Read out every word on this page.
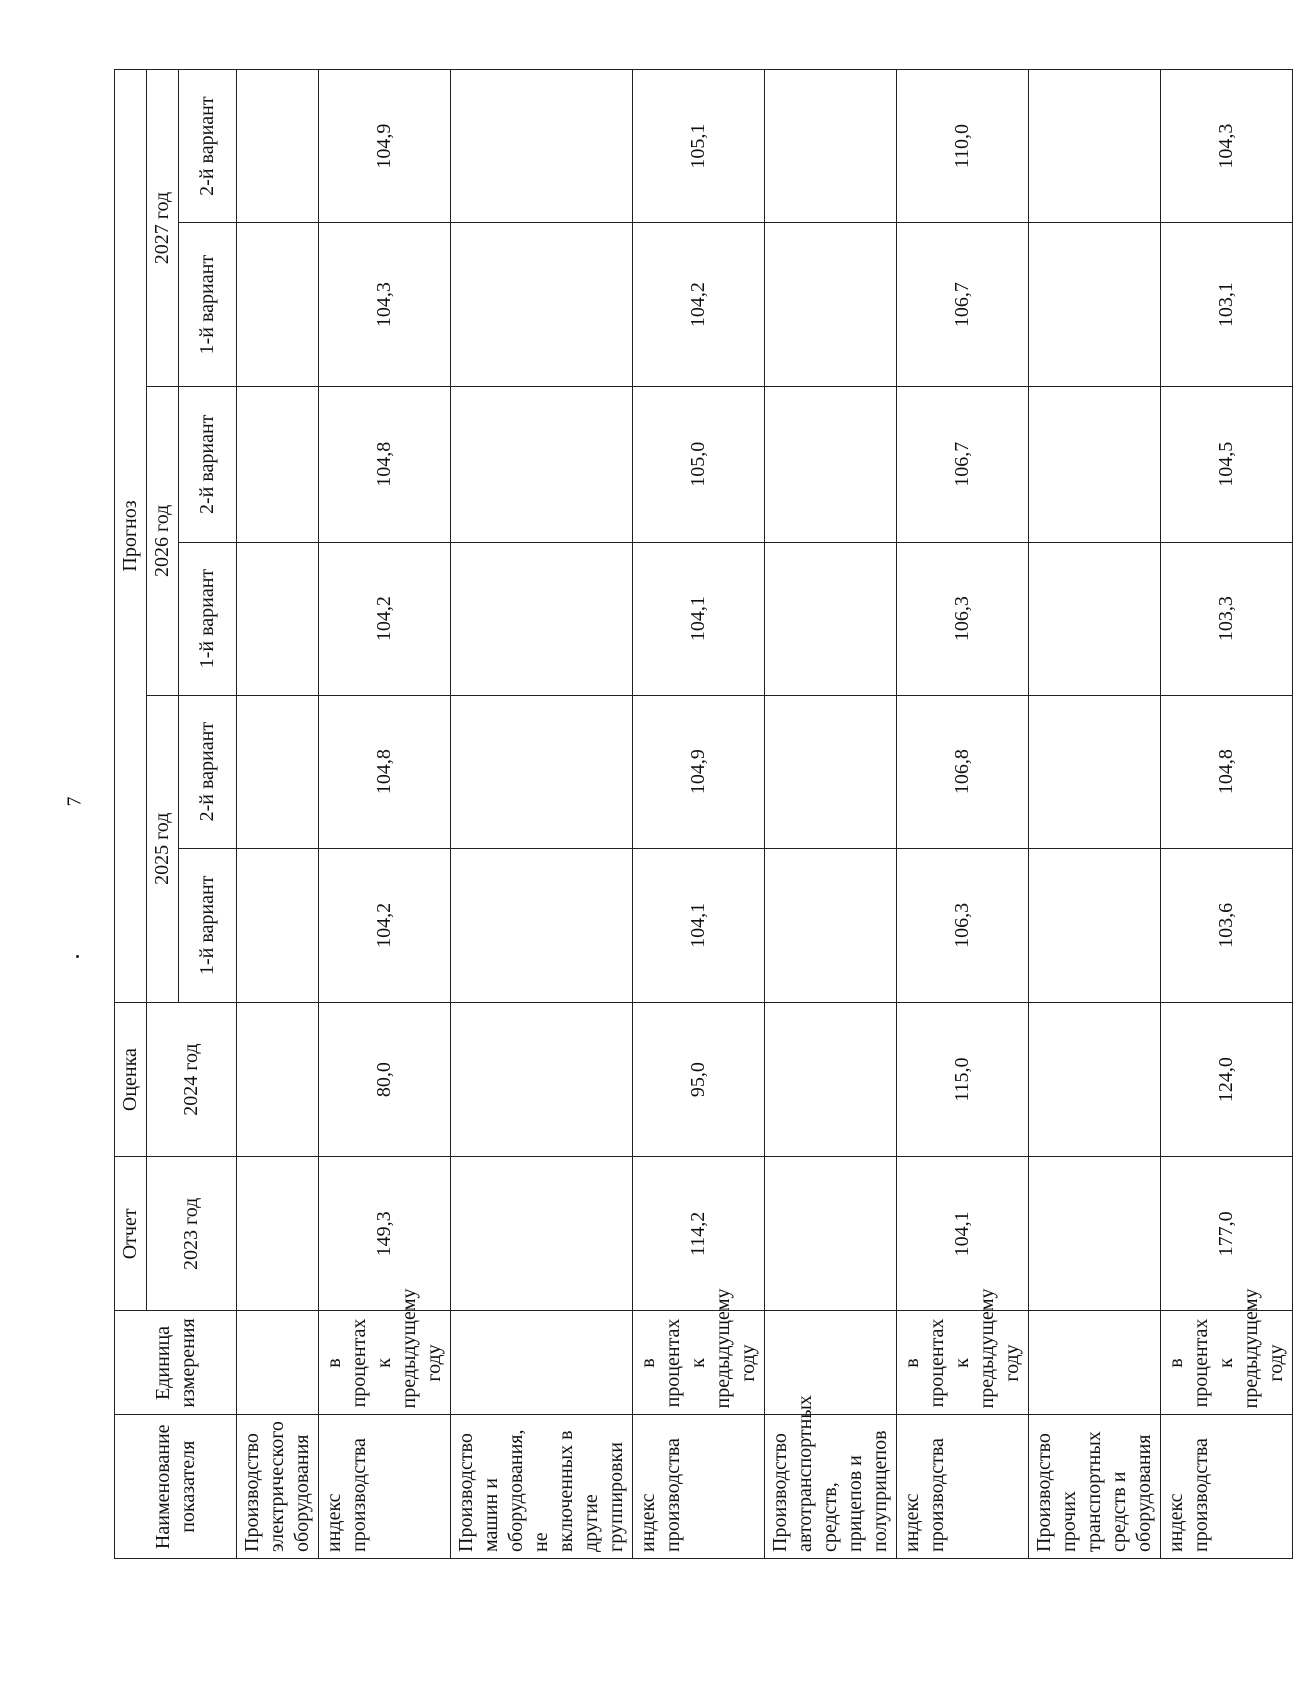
7
Наименование показателя	Единица измерения	Отчет	Оценка	Прогноз					
		2023 год	2024 год	2025 год		2026 год		2027 год	
				1-й вариант	2-й вариант	1-й вариант	2-й вариант	1-й вариант	2-й вариант
Производство электрического оборудования									
индекс производства	в процентах к предыдущему году	149,3	80,0	104,2	104,8	104,2	104,8	104,3	104,9
Производство машин и оборудования, не включенных в другие группировки									
индекс производства	в процентах к предыдущему году	114,2	95,0	104,1	104,9	104,1	105,0	104,2	105,1
Производство автотранспортных средств, прицепов и полуприцепов									
индекс производства	в процентах к предыдущему году	104,1	115,0	106,3	106,8	106,3	106,7	106,7	110,0
Производство прочих транспортных средств и оборудования									
индекс производства	в процентах к предыдущему году	177,0	124,0	103,6	104,8	103,3	104,5	103,1	104,3
